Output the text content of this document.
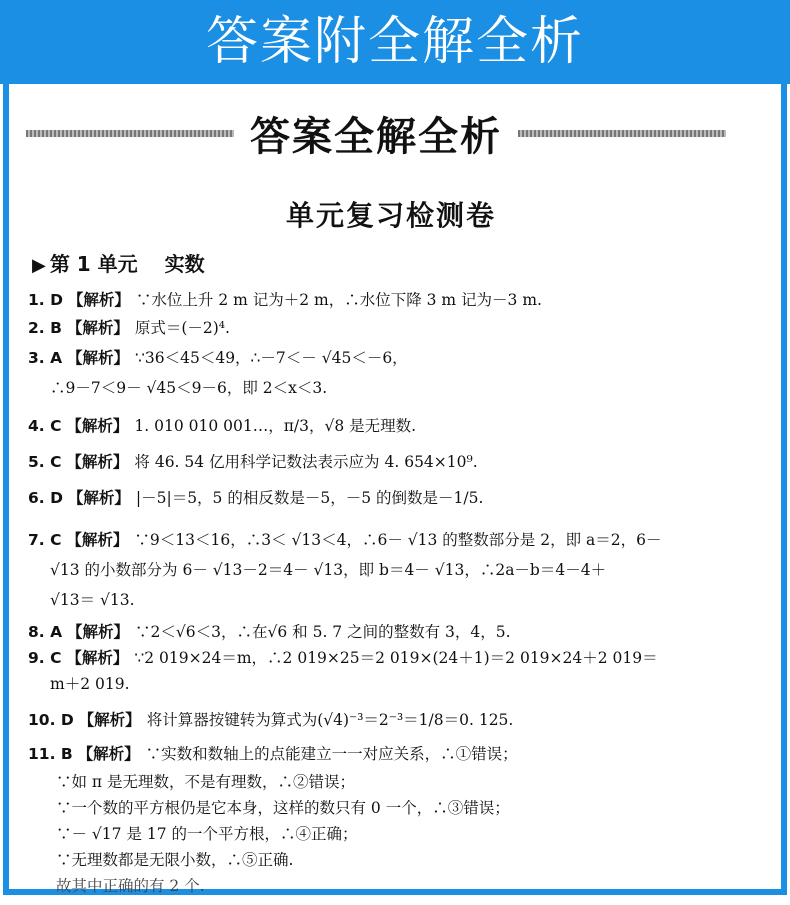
答案附全解全析
答案全解全析
单元复习检测卷
▶ 第 1 单元　 实数
1. D 【解析】 ∵水位上升 2 m 记为＋2 m，∴水位下降 3 m 记为－3 m.
2. B 【解析】 原式＝(－2)⁴.
3. A 【解析】 ∵36＜45＜49，∴－7＜－ √45＜－6，
∴9－7＜9－ √45＜9－6，即 2＜x＜3.
4. C 【解析】 1. 010 010 001…，π/3，√8 是无理数.
5. C 【解析】 将 46. 54 亿用科学记数法表示应为 4. 654×10⁹.
6. D 【解析】 |－5|＝5，5 的相反数是－5，－5 的倒数是－1/5.
7. C 【解析】 ∵9＜13＜16，∴3＜ √13＜4，∴6－ √13 的整数部分是 2，即 a＝2，6－
√13 的小数部分为 6－ √13－2＝4－ √13，即 b＝4－ √13，∴2a－b＝4－4＋
√13＝ √13.
8. A 【解析】 ∵2＜√6＜3，∴在√6 和 5. 7 之间的整数有 3，4，5.
9. C 【解析】 ∵2 019×24＝m，∴2 019×25＝2 019×(24＋1)＝2 019×24＋2 019＝
m＋2 019.
10. D 【解析】 将计算器按键转为算式为(√4)⁻³＝2⁻³＝1/8＝0. 125.
11. B 【解析】 ∵实数和数轴上的点能建立一一对应关系，∴①错误；
∵如 π 是无理数，不是有理数，∴②错误；
∵一个数的平方根仍是它本身，这样的数只有 0 一个，∴③错误；
∵－ √17 是 17 的一个平方根，∴④正确；
∵无理数都是无限小数，∴⑤正确.
故其中正确的有 2 个.
